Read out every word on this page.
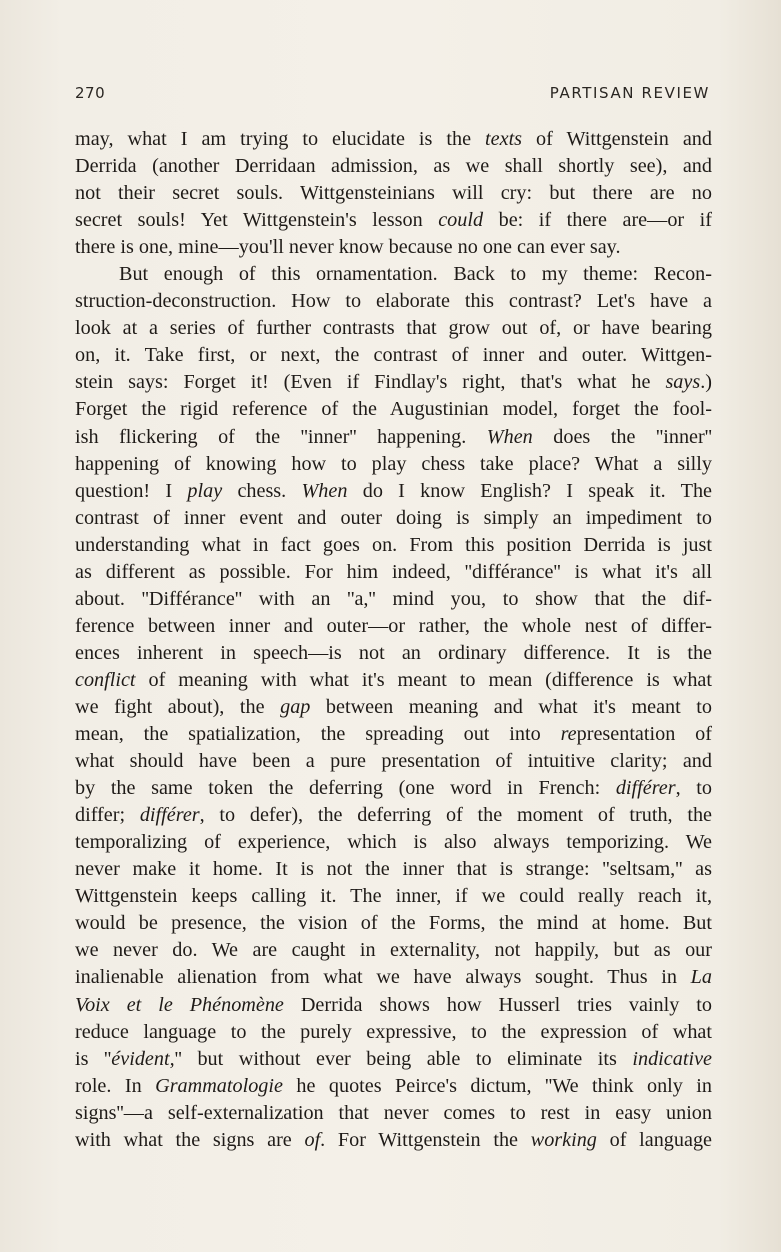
270	PARTISAN REVIEW
may, what I am trying to elucidate is the texts of Wittgenstein and
Derrida (another Derridaan admission, as we shall shortly see), and
not their secret souls. Wittgensteinians will cry: but there are no
secret souls! Yet Wittgenstein's lesson could be: if there are—or if
there is one, mine—you'll never know because no one can ever say.
But enough of this ornamentation. Back to my theme: Recon-
struction-deconstruction. How to elaborate this contrast? Let's have a
look at a series of further contrasts that grow out of, or have bearing
on, it. Take first, or next, the contrast of inner and outer. Wittgen-
stein says: Forget it! (Even if Findlay's right, that's what he says.)
Forget the rigid reference of the Augustinian model, forget the fool-
ish flickering of the ''inner'' happening. When does the ''inner''
happening of knowing how to play chess take place? What a silly
question! I play chess. When do I know English? I speak it. The
contrast of inner event and outer doing is simply an impediment to
understanding what in fact goes on. From this position Derrida is just
as different as possible. For him indeed, ''différance'' is what it's all
about. ''Différance'' with an ''a,'' mind you, to show that the dif-
ference between inner and outer—or rather, the whole nest of differ-
ences inherent in speech—is not an ordinary difference. It is the
conflict of meaning with what it's meant to mean (difference is what
we fight about), the gap between meaning and what it's meant to
mean, the spatialization, the spreading out into representation of
what should have been a pure presentation of intuitive clarity; and
by the same token the deferring (one word in French: différer, to
differ; différer, to defer), the deferring of the moment of truth, the
temporalizing of experience, which is also always temporizing. We
never make it home. It is not the inner that is strange: ''seltsam,'' as
Wittgenstein keeps calling it. The inner, if we could really reach it,
would be presence, the vision of the Forms, the mind at home. But
we never do. We are caught in externality, not happily, but as our
inalienable alienation from what we have always sought. Thus in La
Voix et le Phénomène Derrida shows how Husserl tries vainly to
reduce language to the purely expressive, to the expression of what
is ''évident,'' but without ever being able to eliminate its indicative
role. In Grammatologie he quotes Peirce's dictum, ''We think only in
signs''—a self-externalization that never comes to rest in easy union
with what the signs are of. For Wittgenstein the working of language
